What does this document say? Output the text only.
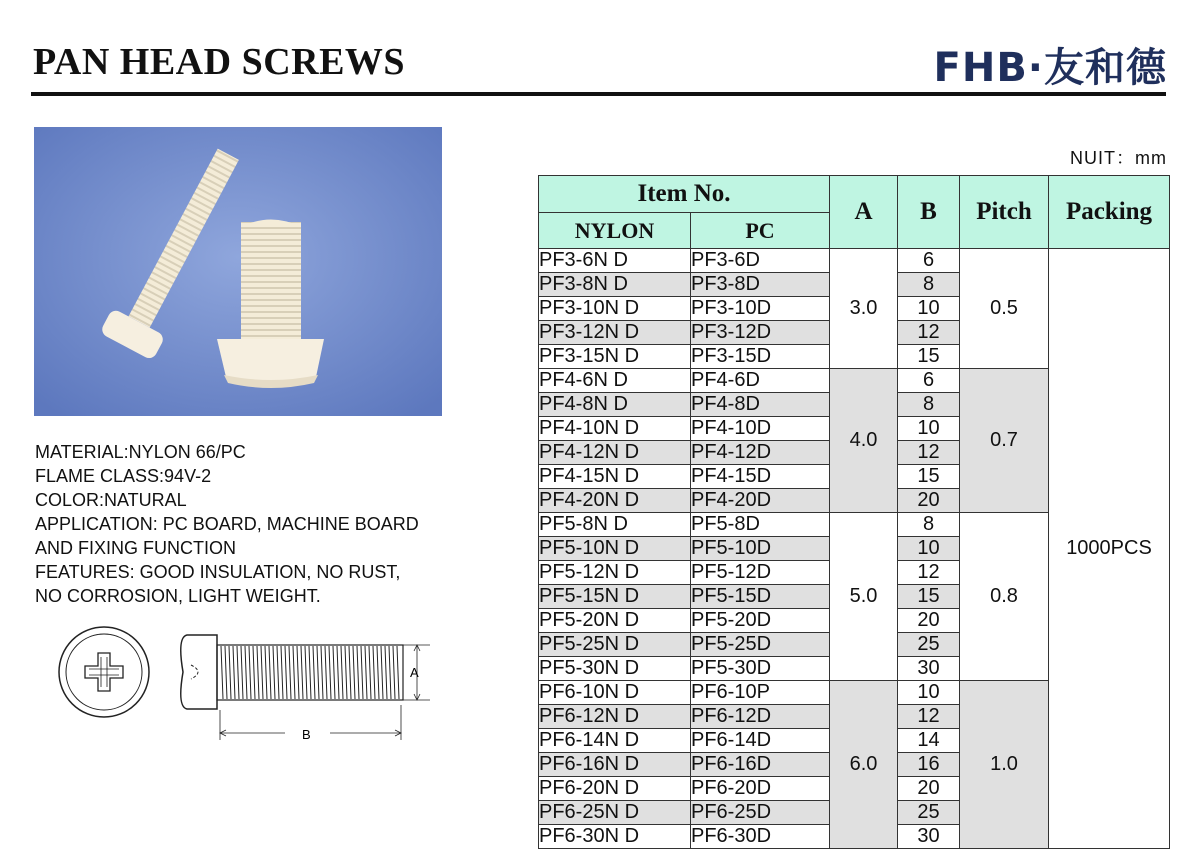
PAN HEAD SCREWS	FHB·友和德
MATERIAL:NYLON 66/PC
FLAME CLASS:94V-2
COLOR:NATURAL
APPLICATION: PC BOARD, MACHINE BOARD
AND FIXING FUNCTION
FEATURES: GOOD INSULATION, NO RUST,
NO CORROSION, LIGHT WEIGHT.
A
B
NUIT：mm
Item No.		A	B	Pitch	Packing
NYLON	PC				
PF3-6N D	PF3-6D	3.0	6	0.5	1000PCS
PF3-8N D	PF3-8D		8		
PF3-10N D	PF3-10D		10		
PF3-12N D	PF3-12D		12		
PF3-15N D	PF3-15D		15		
PF4-6N D	PF4-6D	4.0	6	0.7	
PF4-8N D	PF4-8D		8		
PF4-10N D	PF4-10D		10		
PF4-12N D	PF4-12D		12		
PF4-15N D	PF4-15D		15		
PF4-20N D	PF4-20D		20		
PF5-8N D	PF5-8D	5.0	8	0.8	
PF5-10N D	PF5-10D		10		
PF5-12N D	PF5-12D		12		
PF5-15N D	PF5-15D		15		
PF5-20N D	PF5-20D		20		
PF5-25N D	PF5-25D		25		
PF5-30N D	PF5-30D		30		
PF6-10N D	PF6-10P	6.0	10	1.0	
PF6-12N D	PF6-12D		12		
PF6-14N D	PF6-14D		14		
PF6-16N D	PF6-16D		16		
PF6-20N D	PF6-20D		20		
PF6-25N D	PF6-25D		25		
PF6-30N D	PF6-30D		30		
